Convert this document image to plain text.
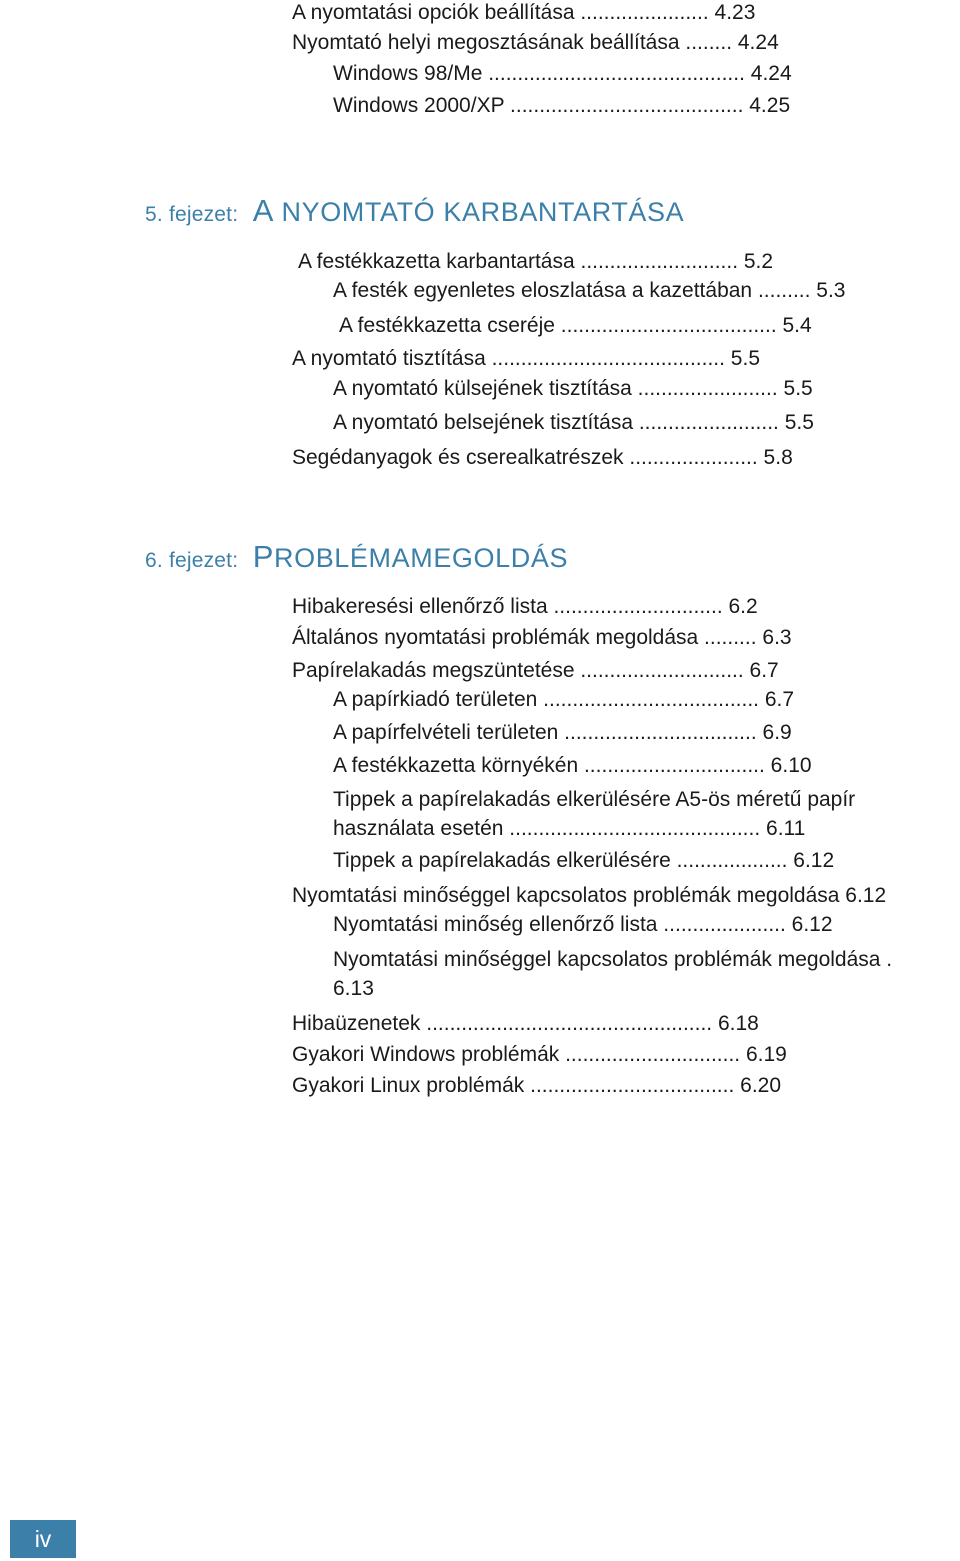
A nyomtatási opciók beállítása ...................... 4.23
Nyomtató helyi megosztásának beállítása ........ 4.24
Windows 98/Me ............................................ 4.24
Windows 2000/XP ........................................ 4.25
5. fejezet: A NYOMTATÓ KARBANTARTÁSA
A festékkazetta karbantartása ........................... 5.2
A festék egyenletes eloszlatása a kazettában ......... 5.3
A festékkazetta cseréje ..................................... 5.4
A nyomtató tisztítása ........................................ 5.5
A nyomtató külsejének tisztítása ........................ 5.5
A nyomtató belsejének tisztítása ........................ 5.5
Segédanyagok és cserealkatrészek ...................... 5.8
6. fejezet: PROBLÉMAMEGOLDÁS
Hibakeresési ellenőrző lista ............................. 6.2
Általános nyomtatási problémák megoldása ......... 6.3
Papírelakadás megszüntetése ............................ 6.7
A papírkiadó területen ..................................... 6.7
A papírfelvételi területen ................................. 6.9
A festékkazetta környékén ............................... 6.10
Tippek a papírelakadás elkerülésére A5-ös méretű papír
használata esetén ........................................... 6.11
Tippek a papírelakadás elkerülésére ................... 6.12
Nyomtatási minőséggel kapcsolatos problémák megoldása 6.12
Nyomtatási minőség ellenőrző lista ..................... 6.12
Nyomtatási minőséggel kapcsolatos problémák megoldása .
6.13
Hibaüzenetek ................................................. 6.18
Gyakori Windows problémák .............................. 6.19
Gyakori Linux problémák ................................... 6.20
iv
